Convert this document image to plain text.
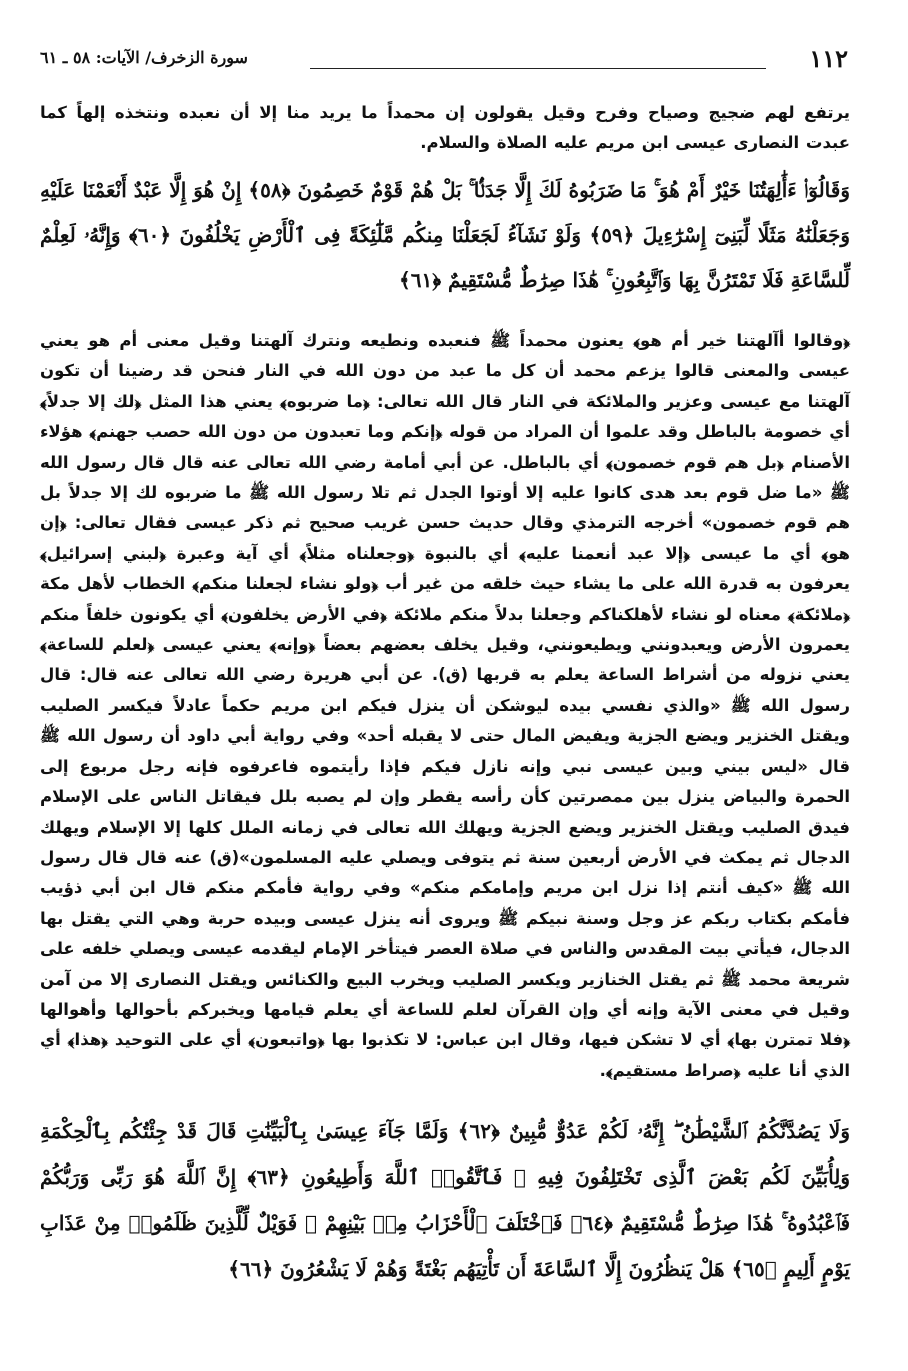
١١٢
سورة الزخرف/ الآيات: ٥٨ ـ ٦١

يرتفع لهم ضجيج وصياح وفرح وقيل يقولون إن محمداً ما يريد منا إلا أن نعبده ونتخذه إلهاً كما عبدت النصارى عيسى ابن مريم عليه الصلاة والسلام.

وَقَالُوٓا۟ ءَأَٰلِهَتُنَا خَيْرٌ أَمْ هُوَ ۚ مَا ضَرَبُوهُ لَكَ إِلَّا جَدَلًۢا ۚ بَلْ هُمْ قَوْمٌ خَصِمُونَ ﴿٥٨﴾ إِنْ هُوَ إِلَّا عَبْدٌ أَنْعَمْنَا عَلَيْهِ وَجَعَلْنَٰهُ مَثَلًا لِّبَنِىٓ إِسْرَٰٓءِيلَ ﴿٥٩﴾ وَلَوْ نَشَآءُ لَجَعَلْنَا مِنكُم مَّلَٰٓئِكَةً فِى ٱلْأَرْضِ يَخْلُفُونَ ﴿٦٠﴾ وَإِنَّهُۥ لَعِلْمٌ لِّلسَّاعَةِ فَلَا تَمْتَرُنَّ بِهَا وَٱتَّبِعُونِ ۚ هَٰذَا صِرَٰطٌ مُّسْتَقِيمٌ ﴿٦١﴾

﴿وقالوا أآلهتنا خير أم هو﴾ يعنون محمداً ﷺ فنعبده ونطيعه ونترك آلهتنا وقيل معنى أم هو يعني عيسى والمعنى قالوا يزعم محمد أن كل ما عبد من دون الله في النار فنحن قد رضينا أن تكون آلهتنا مع عيسى وعزير والملائكة في النار قال الله تعالى: ﴿ما ضربوه﴾ يعني هذا المثل ﴿لك إلا جدلاً﴾ أي خصومة بالباطل وقد علموا أن المراد من قوله ﴿إنكم وما تعبدون من دون الله حصب جهنم﴾ هؤلاء الأصنام ﴿بل هم قوم خصمون﴾ أي بالباطل. عن أبي أمامة رضي الله تعالى عنه قال قال رسول الله ﷺ «ما ضل قوم بعد هدى كانوا عليه إلا أوتوا الجدل ثم تلا رسول الله ﷺ ما ضربوه لك إلا جدلاً بل هم قوم خصمون» أخرجه الترمذي وقال حديث حسن غريب صحيح ثم ذكر عيسى فقال تعالى: ﴿إن هو﴾ أي ما عيسى ﴿إلا عبد أنعمنا عليه﴾ أي بالنبوة ﴿وجعلناه مثلاً﴾ أي آية وعبرة ﴿لبني إسرائيل﴾ يعرفون به قدرة الله على ما يشاء حيث خلقه من غير أب ﴿ولو نشاء لجعلنا منكم﴾ الخطاب لأهل مكة ﴿ملائكة﴾ معناه لو نشاء لأهلكناكم وجعلنا بدلاً منكم ملائكة ﴿في الأرض يخلفون﴾ أي يكونون خلفاً منكم يعمرون الأرض ويعبدونني ويطيعونني، وقيل يخلف بعضهم بعضاً ﴿وإنه﴾ يعني عيسى ﴿لعلم للساعة﴾ يعني نزوله من أشراط الساعة يعلم به قربها (ق). عن أبي هريرة رضي الله تعالى عنه قال: قال رسول الله ﷺ «والذي نفسي بيده ليوشكن أن ينزل فيكم ابن مريم حكماً عادلاً فيكسر الصليب ويقتل الخنزير ويضع الجزية ويفيض المال حتى لا يقبله أحد» وفي رواية أبي داود أن رسول الله ﷺ قال «ليس بيني وبين عيسى نبي وإنه نازل فيكم فإذا رأيتموه فاعرفوه فإنه رجل مربوع إلى الحمرة والبياض ينزل بين ممصرتين كأن رأسه يقطر وإن لم يصبه بلل فيقاتل الناس على الإسلام فيدق الصليب ويقتل الخنزير ويضع الجزية ويهلك الله تعالى في زمانه الملل كلها إلا الإسلام ويهلك الدجال ثم يمكث في الأرض أربعين سنة ثم يتوفى ويصلي عليه المسلمون»(ق) عنه قال قال رسول الله ﷺ «كيف أنتم إذا نزل ابن مريم وإمامكم منكم» وفي رواية فأمكم منكم قال ابن أبي ذؤيب فأمكم بكتاب ربكم عز وجل وسنة نبيكم ﷺ ويروى أنه ينزل عيسى وبيده حربة وهي التي يقتل بها الدجال، فيأتي بيت المقدس والناس في صلاة العصر فيتأخر الإمام ليقدمه عيسى ويصلي خلفه على شريعة محمد ﷺ ثم يقتل الخنازير ويكسر الصليب ويخرب البيع والكنائس ويقتل النصارى إلا من آمن وقيل في معنى الآية وإنه أي وإن القرآن لعلم للساعة أي يعلم قيامها ويخبركم بأحوالها وأهوالها ﴿فلا تمترن بها﴾ أي لا تشكن فيها، وقال ابن عباس: لا تكذبوا بها ﴿واتبعون﴾ أي على التوحيد ﴿هذا﴾ أي الذي أنا عليه ﴿صراط مستقيم﴾.

وَلَا يَصُدَّنَّكُمُ ٱلشَّيْطَٰنُ ۖ إِنَّهُۥ لَكُمْ عَدُوٌّ مُّبِينٌ ﴿٦٢﴾ وَلَمَّا جَآءَ عِيسَىٰ بِٱلْبَيِّنَٰتِ قَالَ قَدْ جِئْتُكُم بِٱلْحِكْمَةِ وَلِأُبَيِّنَ لَكُم بَعْضَ ٱلَّذِى تَخْتَلِفُونَ فِيهِ ۖ فَٱتَّقُوا۟ ٱللَّهَ وَأَطِيعُونِ ﴿٦٣﴾ إِنَّ ٱللَّهَ هُوَ رَبِّى وَرَبُّكُمْ فَٱعْبُدُوهُ ۚ هَٰذَا صِرَٰطٌ مُّسْتَقِيمٌ ﴿٦٤﴾ فَٱخْتَلَفَ ٱلْأَحْزَابُ مِنۢ بَيْنِهِمْ ۖ فَوَيْلٌ لِّلَّذِينَ ظَلَمُوا۟ مِنْ عَذَابِ يَوْمٍ أَلِيمٍ ﴿٦٥﴾ هَلْ يَنظُرُونَ إِلَّا ٱلسَّاعَةَ أَن تَأْتِيَهُم بَغْتَةً وَهُمْ لَا يَشْعُرُونَ ﴿٦٦﴾
